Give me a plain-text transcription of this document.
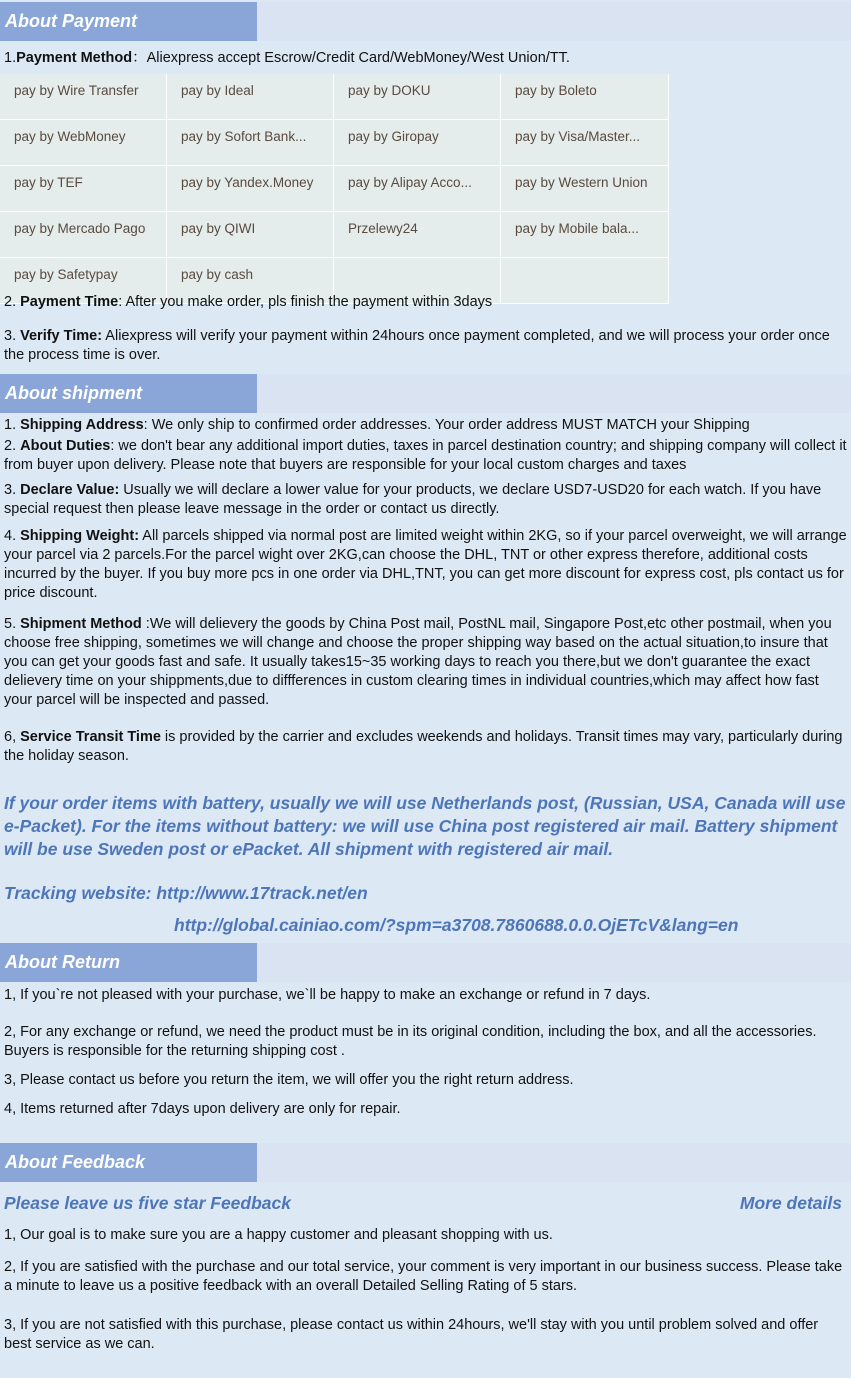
About Payment
1.Payment Method：Aliexpress accept Escrow/Credit Card/WebMoney/West Union/TT.
pay by Wire Transfer	pay by Ideal	pay by DOKU	pay by Boleto
pay by WebMoney	pay by Sofort Bank...	pay by Giropay	pay by Visa/Master...
pay by TEF	pay by Yandex.Money	pay by Alipay Acco...	pay by Western Union
pay by Mercado Pago	pay by QIWI	Przelewy24	pay by Mobile bala...
pay by Safetypay	pay by cash
2. Payment Time: After you make order, pls finish the payment within 3days
3. Verify Time: Aliexpress will verify your payment within 24hours once payment completed, and we will process your order once the process time is over.
About shipment
1. Shipping Address: We only ship to confirmed order addresses. Your order address MUST MATCH your Shipping
2. About Duties: we don't bear any additional import duties, taxes in parcel destination country; and shipping company will collect it from buyer upon delivery. Please note that buyers are responsible for your local custom charges and taxes
3. Declare Value: Usually we will declare a lower value for your products, we declare USD7-USD20 for each watch. If you have special request then please leave message in the order or contact us directly.
4. Shipping Weight: All parcels shipped via normal post are limited weight within 2KG, so if your parcel overweight, we will arrange your parcel via 2 parcels.For the parcel wight over 2KG,can choose the DHL, TNT or other express therefore, additional costs incurred by the buyer. If you buy more pcs in one order via DHL,TNT, you can get more discount for express cost, pls contact us for price discount.
5. Shipment Method :We will delievery the goods by China Post mail, PostNL mail, Singapore Post,etc other postmail, when you choose free shipping, sometimes we will change and choose the proper shipping way based on the actual situation,to insure that you can get your goods fast and safe. It usually takes15~35 working days to reach you there,but we don't guarantee the exact delievery time on your shippments,due to diffferences in custom clearing times in individual countries,which may affect how fast your parcel will be inspected and passed.
6, Service Transit Time is provided by the carrier and excludes weekends and holidays. Transit times may vary, particularly during the holiday season.
If your order items with battery, usually we will use Netherlands post, (Russian, USA, Canada will use e-Packet). For the items without battery: we will use China post registered air mail. Battery shipment will be use Sweden post or ePacket. All shipment with registered air mail.
Tracking website: http://www.17track.net/en
http://global.cainiao.com/?spm=a3708.7860688.0.0.OjETcV&lang=en
About Return
1, If you`re not pleased with your purchase, we`ll be happy to make an exchange or refund in 7 days.
2, For any exchange or refund, we need the product must be in its original condition, including the box, and all the accessories. Buyers is responsible for the returning shipping cost .
3, Please contact us before you return the item, we will offer you the right return address.
4, Items returned after 7days upon delivery are only for repair.
About Feedback
Please leave us five star Feedback	More details
1, Our goal is to make sure you are a happy customer and pleasant shopping with us.
2, If you are satisfied with the purchase and our total service, your comment is very important in our business success. Please take a minute to leave us a positive feedback with an overall Detailed Selling Rating of 5 stars.
3, If you are not satisfied with this purchase, please contact us within 24hours, we'll stay with you until problem solved and offer best service as we can.
